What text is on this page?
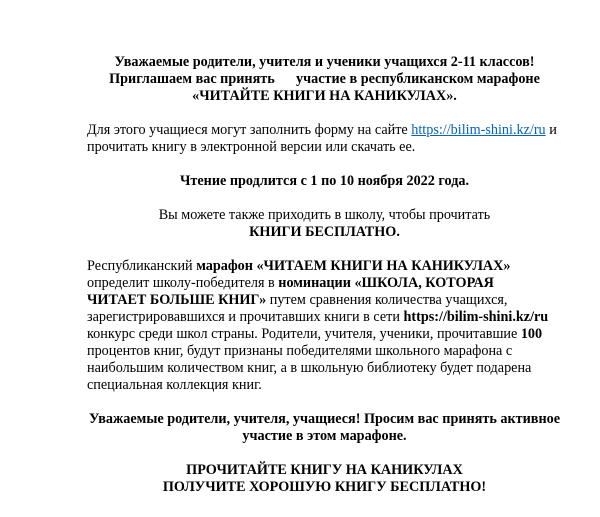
Уважаемые родители, учителя и ученики учащихся 2-11 классов!
Приглашаем вас принять участие в республиканском марафоне
«ЧИТАЙТЕ КНИГИ НА КАНИКУЛАХ».
Для этого учащиеся могут заполнить форму на сайте https://bilim-shini.kz/ru и
прочитать книгу в электронной версии или скачать ее.
Чтение продлится с 1 по 10 ноября 2022 года.
Вы можете также приходить в школу, чтобы прочитать
КНИГИ БЕСПЛАТНО.
Республиканский марафон «ЧИТАЕМ КНИГИ НА КАНИКУЛАХ»
определит школу-победителя в номинации «ШКОЛА, КОТОРАЯ
ЧИТАЕТ БОЛЬШЕ КНИГ» путем сравнения количества учащихся,
зарегистрировавшихся и прочитавших книги в сети https://bilim-shini.kz/ru
конкурс среди школ страны. Родители, учителя, ученики, прочитавшие 100
процентов книг, будут признаны победителями школьного марафона с
наибольшим количеством книг, а в школьную библиотеку будет подарена
специальная коллекция книг.
Уважаемые родители, учителя, учащиеся! Просим вас принять активное
участие в этом марафоне.
ПРОЧИТАЙТЕ КНИГУ НА КАНИКУЛАХ
ПОЛУЧИТЕ ХОРОШУЮ КНИГУ БЕСПЛАТНО!
